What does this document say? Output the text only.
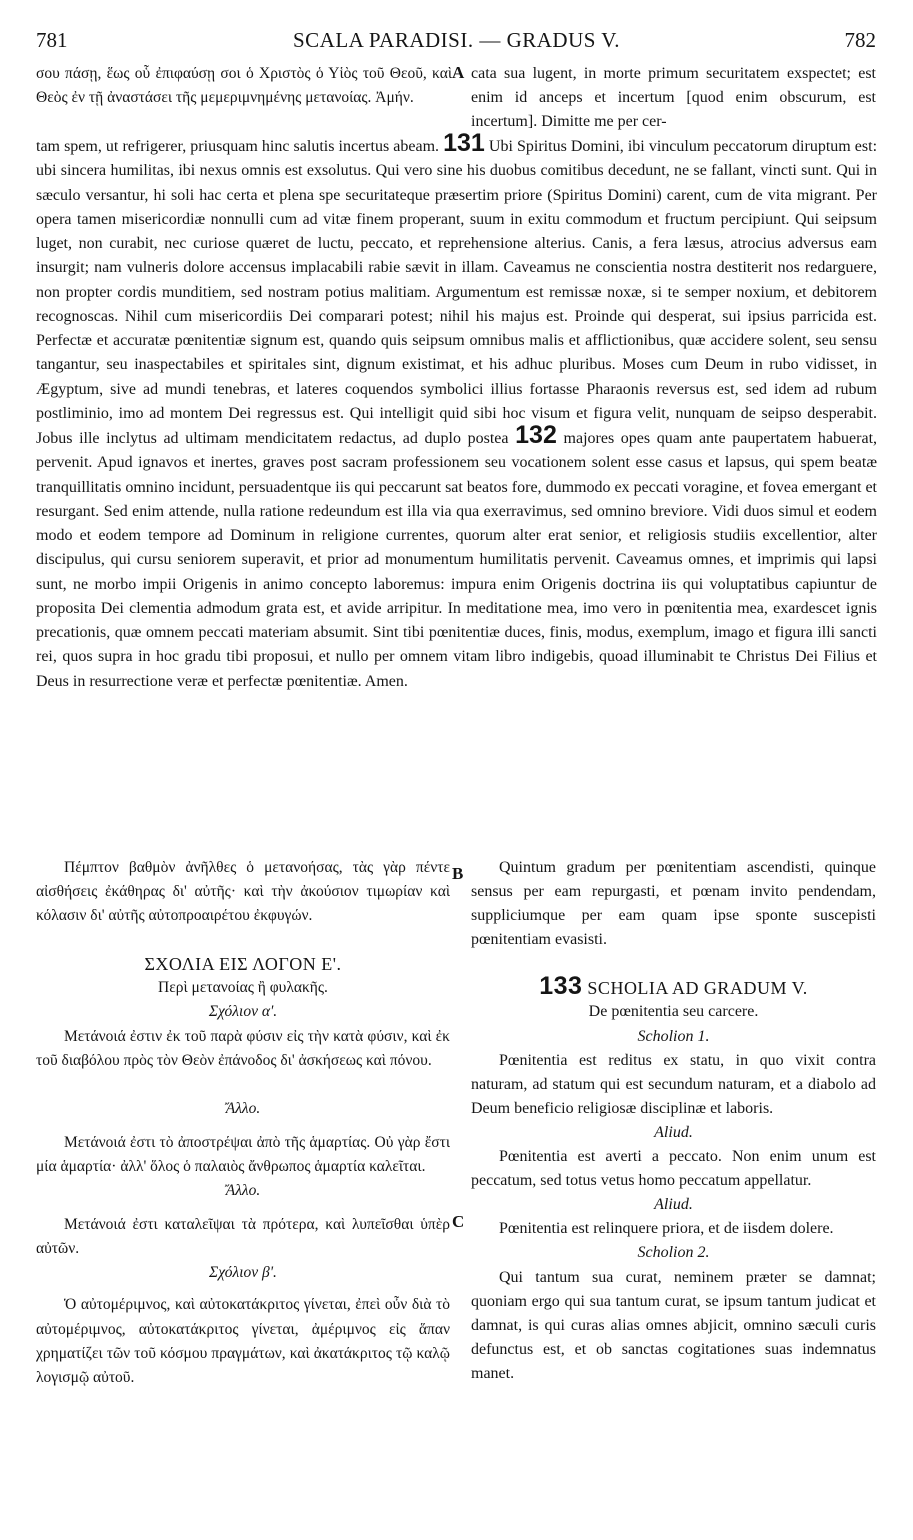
781	SCALA PARADISI. — GRADUS V.	782
A
B
C

σου πάσῃ, ἕως οὗ ἐπιφαύσῃ σοι ὁ Χριστὸς ὁ Υἱὸς τοῦ Θεοῦ, καὶ Θεὸς ἐν τῇ ἀναστάσει τῆς μεμεριμνημένης μετανοίας. Ἀμήν.

cata sua lugent, in morte primum securitatem exspectet; est enim id anceps et incertum [quod enim obscurum, est incertum]. Dimitte me per cer-

tam spem, ut refrigerer, priusquam hinc salutis incertus abeam. 131 Ubi Spiritus Domini, ibi vinculum peccatorum diruptum est: ubi sincera humilitas, ibi nexus omnis est exsolutus. Qui vero sine his duobus comitibus decedunt, ne se fallant, vincti sunt. Qui in sæculo versantur, hi soli hac certa et plena spe securitateque præsertim priore (Spiritus Domini) carent, cum de vita migrant. Per opera tamen misericordiæ nonnulli cum ad vitæ finem properant, suum in exitu commodum et fructum percipiunt. Qui seipsum luget, non curabit, nec curiose quæret de luctu, peccato, et reprehensione alterius. Canis, a fera læsus, atrocius adversus eam insurgit; nam vulneris dolore accensus implacabili rabie sævit in illam. Caveamus ne conscientia nostra destiterit nos redarguere, non propter cordis munditiem, sed nostram potius malitiam. Argumentum est remissæ noxæ, si te semper noxium, et debitorem recognoscas. Nihil cum misericordiis Dei comparari potest; nihil his majus est. Proinde qui desperat, sui ipsius parricida est. Perfectæ et accuratæ pœnitentiæ signum est, quando quis seipsum omnibus malis et afflictionibus, quæ accidere solent, seu sensu tangantur, seu inaspectabiles et spiritales sint, dignum existimat, et his adhuc pluribus. Moses cum Deum in rubo vidisset, in Ægyptum, sive ad mundi tenebras, et lateres coquendos symbolici illius fortasse Pharaonis reversus est, sed idem ad rubum postliminio, imo ad montem Dei regressus est. Qui intelligit quid sibi hoc visum et figura velit, nunquam de seipso desperabit. Jobus ille inclytus ad ultimam mendicitatem redactus, ad duplo postea 132 majores opes quam ante paupertatem habuerat, pervenit. Apud ignavos et inertes, graves post sacram professionem seu vocationem solent esse casus et lapsus, qui spem beatæ tranquillitatis omnino incidunt, persuadentque iis qui peccarunt sat beatos fore, dummodo ex peccati voragine, et fovea emergant et resurgant. Sed enim attende, nulla ratione redeundum est illa via qua exerravimus, sed omnino breviore. Vidi duos simul et eodem modo et eodem tempore ad Dominum in religione currentes, quorum alter erat senior, et religiosis studiis excellentior, alter discipulus, qui cursu seniorem superavit, et prior ad monumentum humilitatis pervenit. Caveamus omnes, et imprimis qui lapsi sunt, ne morbo impii Origenis in animo concepto laboremus: impura enim Origenis doctrina iis qui voluptatibus capiuntur de proposita Dei clementia admodum grata est, et avide arripitur. In meditatione mea, imo vero in pœnitentia mea, exardescet ignis precationis, quæ omnem peccati materiam absumit. Sint tibi pœnitentiæ duces, finis, modus, exemplum, imago et figura illi sancti rei, quos supra in hoc gradu tibi proposui, et nullo per omnem vitam libro indigebis, quoad illuminabit te Christus Dei Filius et Deus in resurrectione veræ et perfectæ pœnitentiæ. Amen.

Πέμπτον βαθμὸν ἀνῆλθες ὁ μετανοήσας, τὰς γὰρ πέντε αἰσθήσεις ἐκάθηρας δι' αὐτῆς· καὶ τὴν ἀκούσιον τιμωρίαν καὶ κόλασιν δι' αὐτῆς αὐτοπροαιρέτου ἐκφυγών.

ΣΧΟΛΙΑ ΕΙΣ ΛΟΓΟΝ Ε'.

Περὶ μετανοίας ἢ φυλακῆς.

Σχόλιον α'.

Μετάνοιά ἐστιν ἐκ τοῦ παρὰ φύσιν εἰς τὴν κατὰ φύσιν, καὶ ἐκ τοῦ διαβόλου πρὸς τὸν Θεὸν ἐπάνοδος δι' ἀσκήσεως καὶ πόνου.

Ἄλλο.

Μετάνοιά ἐστι τὸ ἀποστρέψαι ἀπὸ τῆς ἁμαρτίας. Οὐ γὰρ ἔστι μία ἁμαρτία· ἀλλ' ὅλος ὁ παλαιὸς ἄνθρωπος ἁμαρτία καλεῖται.

Ἄλλο.

Μετάνοιά ἐστι καταλεῖψαι τὰ πρότερα, καὶ λυπεῖσθαι ὑπὲρ αὐτῶν.

Σχόλιον β'.

Ὁ αὐτομέριμνος, καὶ αὐτοκατάκριτος γίνεται, ἐπεὶ οὖν διὰ τὸ αὐτομέριμνος, αὐτοκατάκριτος γίνεται, ἀμέριμνος εἰς ἅπαν χρηματίζει τῶν τοῦ κόσμου πραγμάτων, καὶ ἀκατάκριτος τῷ καλῷ λογισμῷ αὐτοῦ.

Quintum gradum per pœnitentiam ascendisti, quinque sensus per eam repurgasti, et pœnam invito pendendam, suppliciumque per eam quam ipse sponte suscepisti pœnitentiam evasisti.

133 SCHOLIA AD GRADUM V.

De pœnitentia seu carcere.

Scholion 1.

Pœnitentia est reditus ex statu, in quo vixit contra naturam, ad statum qui est secundum naturam, et a diabolo ad Deum beneficio religiosæ disciplinæ et laboris.

Aliud.

Pœnitentia est averti a peccato. Non enim unum est peccatum, sed totus vetus homo peccatum appellatur.

Aliud.

Pœnitentia est relinquere priora, et de iisdem dolere.

Scholion 2.

Qui tantum sua curat, neminem præter se damnat; quoniam ergo qui sua tantum curat, se ipsum tantum judicat et damnat, is qui curas alias omnes abjicit, omnino sæculi curis defunctus est, et ob sanctas cogitationes suas indemnatus manet.
